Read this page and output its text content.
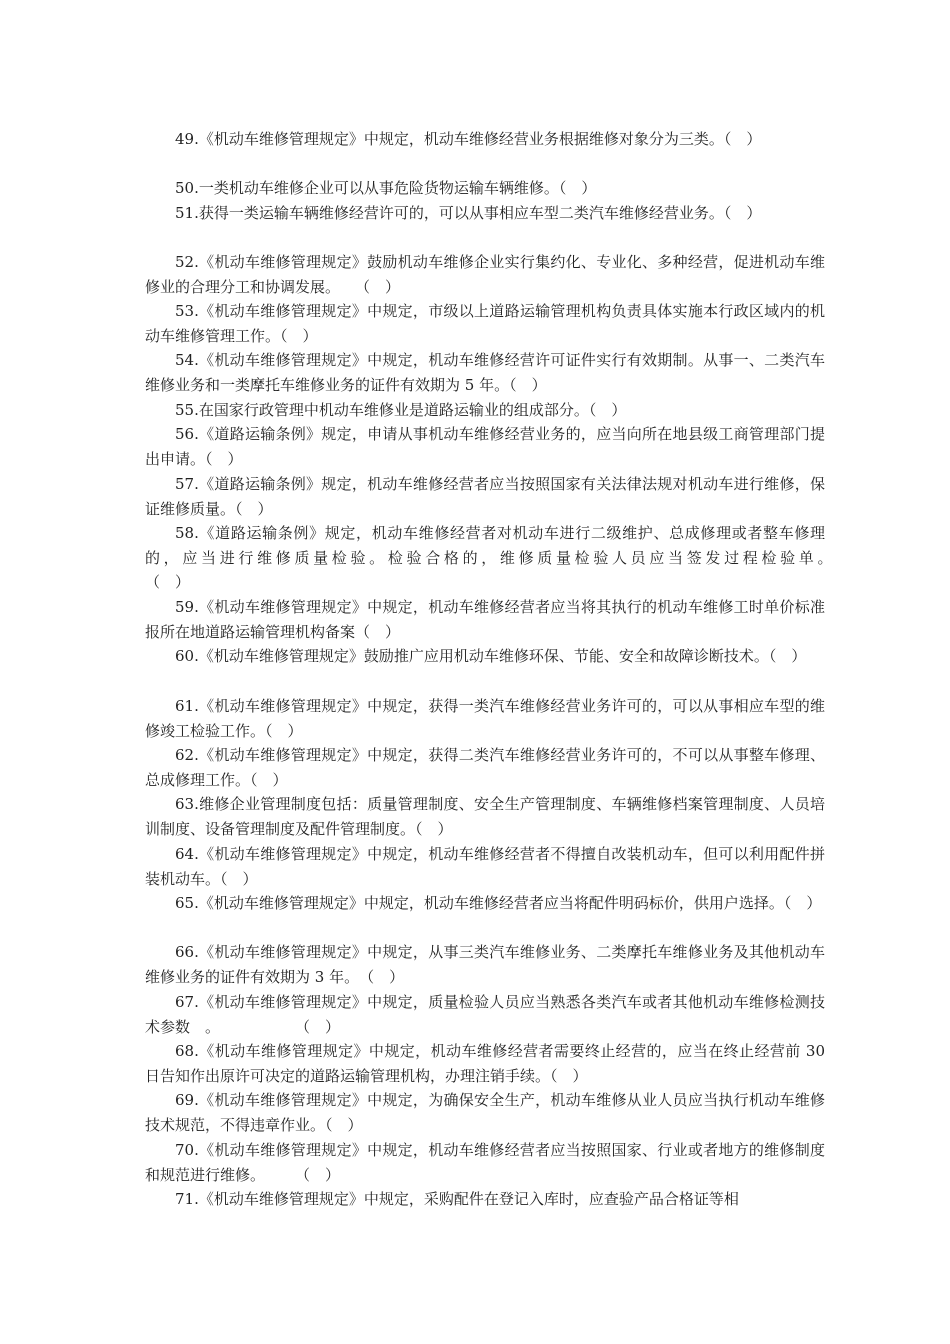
49.《机动车维修管理规定》中规定，机动车维修经营业务根据维修对象分为三类。（　）

50.一类机动车维修企业可以从事危险货物运输车辆维修。（　）

51.获得一类运输车辆维修经营许可的，可以从事相应车型二类汽车维修经营业务。（　）

52.《机动车维修管理规定》鼓励机动车维修企业实行集约化、专业化、多种经营，促进机动车维修业的合理分工和协调发展。　　（　）

53.《机动车维修管理规定》中规定，市级以上道路运输管理机构负责具体实施本行政区域内的机动车维修管理工作。（　）

54.《机动车维修管理规定》中规定，机动车维修经营许可证件实行有效期制。从事一、二类汽车维修业务和一类摩托车维修业务的证件有效期为 5 年。（　）

55.在国家行政管理中机动车维修业是道路运输业的组成部分。（　）

56.《道路运输条例》规定，申请从事机动车维修经营业务的，应当向所在地县级工商管理部门提出申请。（　）

57.《道路运输条例》规定，机动车维修经营者应当按照国家有关法律法规对机动车进行维修，保证维修质量。（　）

58.《道路运输条例》规定，机动车维修经营者对机动车进行二级维护、总成修理或者整车修理的，应当进行维修质量检验。检验合格的，维修质量检验人员应当签发过程检验单。　　　　　　　（　）

59.《机动车维修管理规定》中规定，机动车维修经营者应当将其执行的机动车维修工时单价标准报所在地道路运输管理机构备案（　）

60.《机动车维修管理规定》鼓励推广应用机动车维修环保、节能、安全和故障诊断技术。（　）

61.《机动车维修管理规定》中规定，获得一类汽车维修经营业务许可的，可以从事相应车型的维修竣工检验工作。（　）

62.《机动车维修管理规定》中规定，获得二类汽车维修经营业务许可的，不可以从事整车修理、总成修理工作。（　）

63.维修企业管理制度包括：质量管理制度、安全生产管理制度、车辆维修档案管理制度、人员培训制度、设备管理制度及配件管理制度。（　）

64.《机动车维修管理规定》中规定，机动车维修经营者不得擅自改装机动车，但可以利用配件拼装机动车。（　）

65.《机动车维修管理规定》中规定，机动车维修经营者应当将配件明码标价，供用户选择。（　）

66.《机动车维修管理规定》中规定，从事三类汽车维修业务、二类摩托车维修业务及其他机动车维修业务的证件有效期为 3 年。　（　）

67.《机动车维修管理规定》中规定，质量检验人员应当熟悉各类汽车或者其他机动车维修检测技术参数　。　　　　　　（　）

68.《机动车维修管理规定》中规定，机动车维修经营者需要终止经营的，应当在终止经营前 30 日告知作出原许可决定的道路运输管理机构，办理注销手续。（　）

69.《机动车维修管理规定》中规定，为确保安全生产，机动车维修从业人员应当执行机动车维修技术规范，不得违章作业。（　）

70.《机动车维修管理规定》中规定，机动车维修经营者应当按照国家、行业或者地方的维修制度和规范进行维修。　　　（　）

71.《机动车维修管理规定》中规定，采购配件在登记入库时，应查验产品合格证等相
